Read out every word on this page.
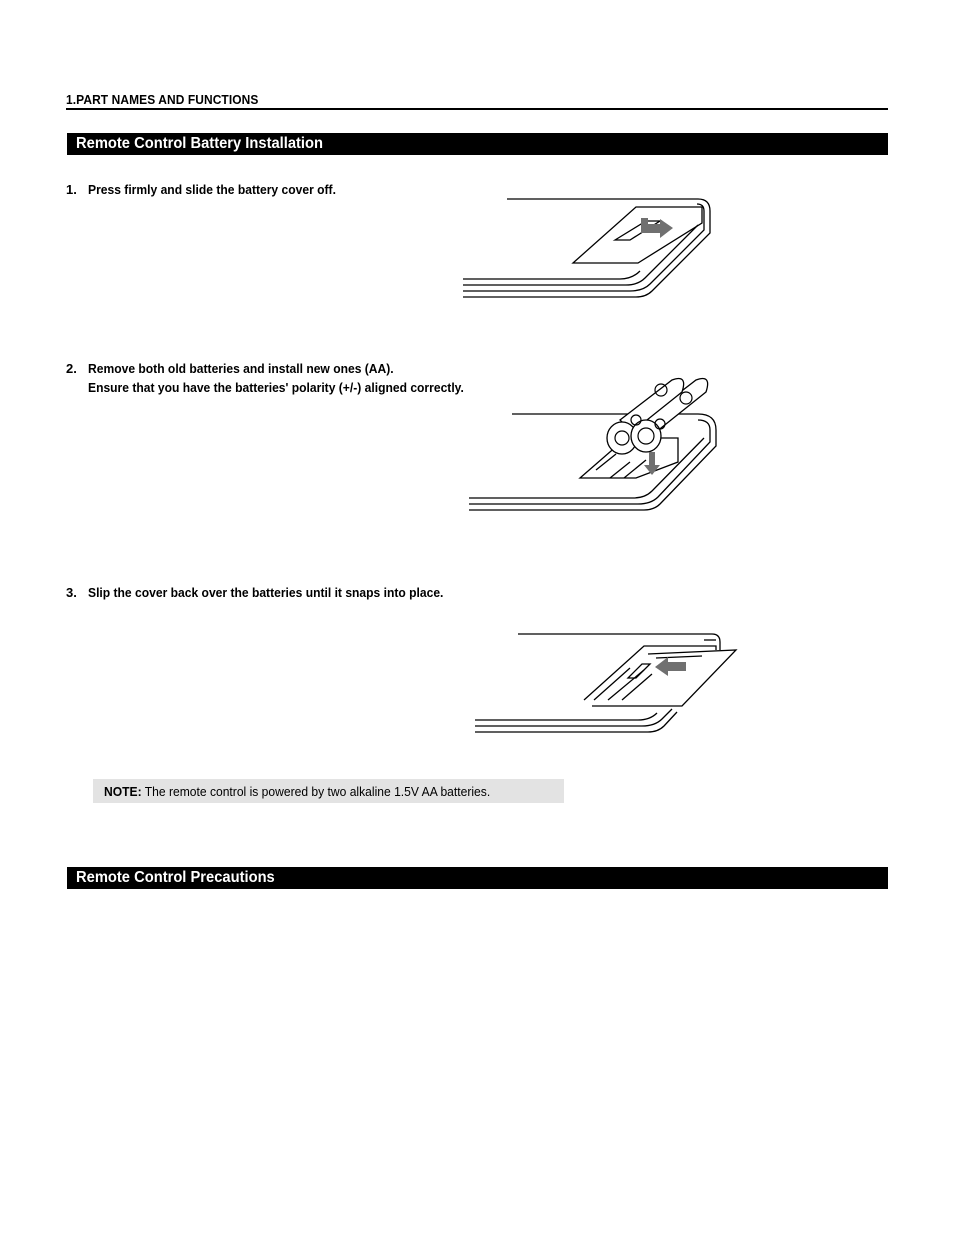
1.PART NAMES AND FUNCTIONS
Remote Control Battery Installation
1. Press firmly and slide the battery cover off.
2. Remove both old batteries and install new ones (AA).
Ensure that you have the batteries' polarity (+/-) aligned correctly.
3. Slip the cover back over the batteries until it snaps into place.
NOTE: The remote control is powered by two alkaline 1.5V AA batteries.
Remote Control Precautions
